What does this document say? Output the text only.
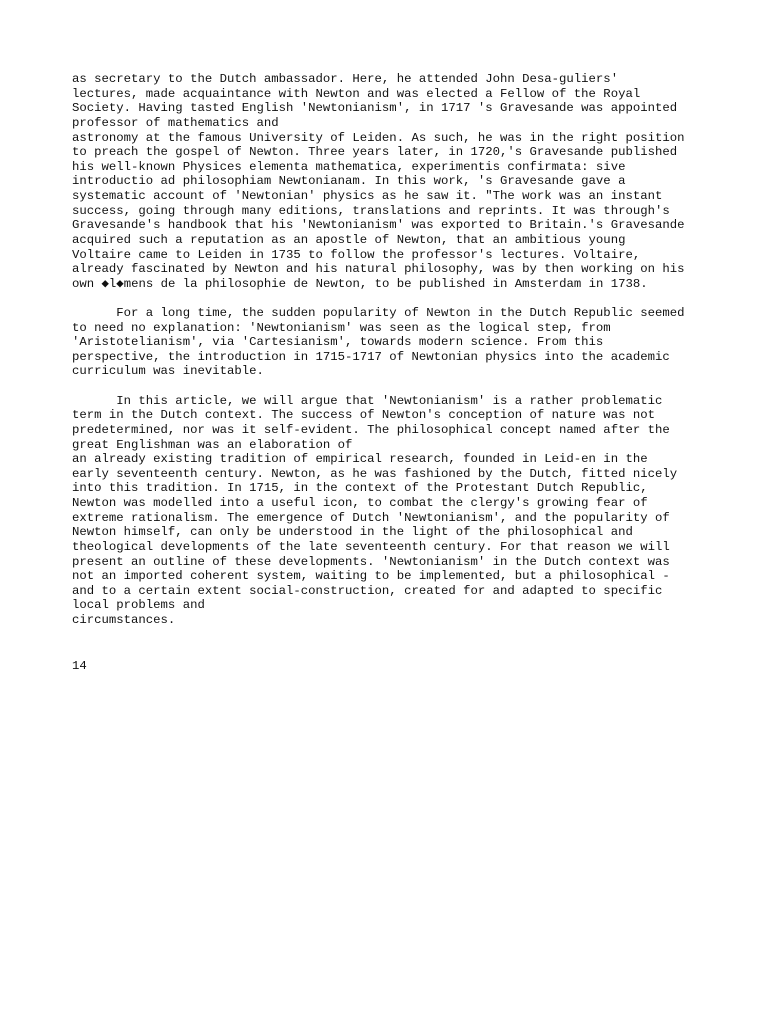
as secretary to the Dutch ambassador. Here, he attended John Desa-guliers'
lectures, made acquaintance with Newton and was elected a Fellow of the Royal
Society. Having tasted English 'Newtonianism', in 1717 's Gravesande was appointed
professor of mathematics and
astronomy at the famous University of Leiden. As such, he was in the right position
to preach the gospel of Newton. Three years later, in 1720,'s Gravesande published
his well-known Physices elementa mathematica, experimentis confirmata: sive
introductio ad philosophiam Newtonianam. In this work, 's Gravesande gave a
systematic account of 'Newtonian' physics as he saw it. "The work was an instant
success, going through many editions, translations and reprints. It was through's
Gravesande's handbook that his 'Newtonianism' was exported to Britain.'s Gravesande
acquired such a reputation as an apostle of Newton, that an ambitious young
Voltaire came to Leiden in 1735 to follow the professor's lectures. Voltaire,
already fascinated by Newton and his natural philosophy, was by then working on his
own ◆l◆mens de la philosophie de Newton, to be published in Amsterdam in 1738.
For a long time, the sudden popularity of Newton in the Dutch Republic seemed
to need no explanation: 'Newtonianism' was seen as the logical step, from
'Aristotelianism', via 'Cartesianism', towards modern science. From this
perspective, the introduction in 1715-1717 of Newtonian physics into the academic
curriculum was inevitable.
In this article, we will argue that 'Newtonianism' is a rather problematic
term in the Dutch context. The success of Newton's conception of nature was not
predetermined, nor was it self-evident. The philosophical concept named after the
great Englishman was an elaboration of
an already existing tradition of empirical research, founded in Leid-en in the
early seventeenth century. Newton, as he was fashioned by the Dutch, fitted nicely
into this tradition. In 1715, in the context of the Protestant Dutch Republic,
Newton was modelled into a useful icon, to combat the clergy's growing fear of
extreme rationalism. The emergence of Dutch 'Newtonianism', and the popularity of
Newton himself, can only be understood in the light of the philosophical and
theological developments of the late seventeenth century. For that reason we will
present an outline of these developments. 'Newtonianism' in the Dutch context was
not an imported coherent system, waiting to be implemented, but a philosophical -
and to a certain extent social-construction, created for and adapted to specific
local problems and
circumstances.
14
